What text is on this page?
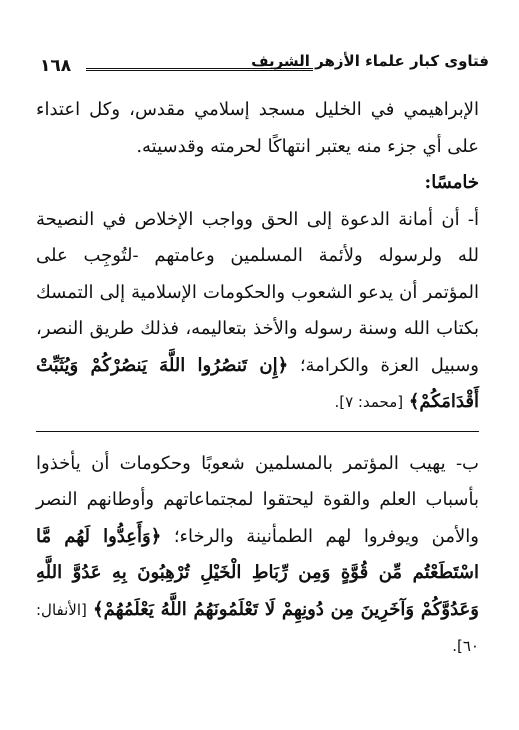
١٦٨	فتاوى كبار علماء الأزهر الشريف

الإبراهيمي في الخليل مسجد إسلامي مقدس، وكل اعتداء على أي جزء منه يعتبر انتهاكًا لحرمته وقدسيته.

خامسًا:

أ- أن أمانة الدعوة إلى الحق وواجب الإخلاص في النصيحة لله ولرسوله ولأئمة المسلمين وعامتهم -لتُوجِب على المؤتمر أن يدعو الشعوب والحكومات الإسلامية إلى التمسك بكتاب الله وسنة رسوله والأخذ بتعاليمه، فذلك طريق النصر، وسبيل العزة والكرامة؛ ﴿إِن تَنصُرُوا اللَّهَ يَنصُرْكُمْ وَيُثَبِّتْ أَقْدَامَكُمْ﴾ [محمد: ٧].

ب- يهيب المؤتمر بالمسلمين شعوبًا وحكومات أن يأخذوا بأسباب العلم والقوة ليحتقوا لمجتماعاتهم وأوطانهم النصر والأمن ويوفروا لهم الطمأنينة والرخاء؛ ﴿وَأَعِدُّوا لَهُم مَّا اسْتَطَعْتُم مِّن قُوَّةٍ وَمِن رِّبَاطِ الْخَيْلِ تُرْهِبُونَ بِهِ عَدُوَّ اللَّهِ وَعَدُوَّكُمْ وَآخَرِينَ مِن دُونِهِمْ لَا تَعْلَمُونَهُمُ اللَّهُ يَعْلَمُهُمْ﴾ [الأنفال: ٦٠].
